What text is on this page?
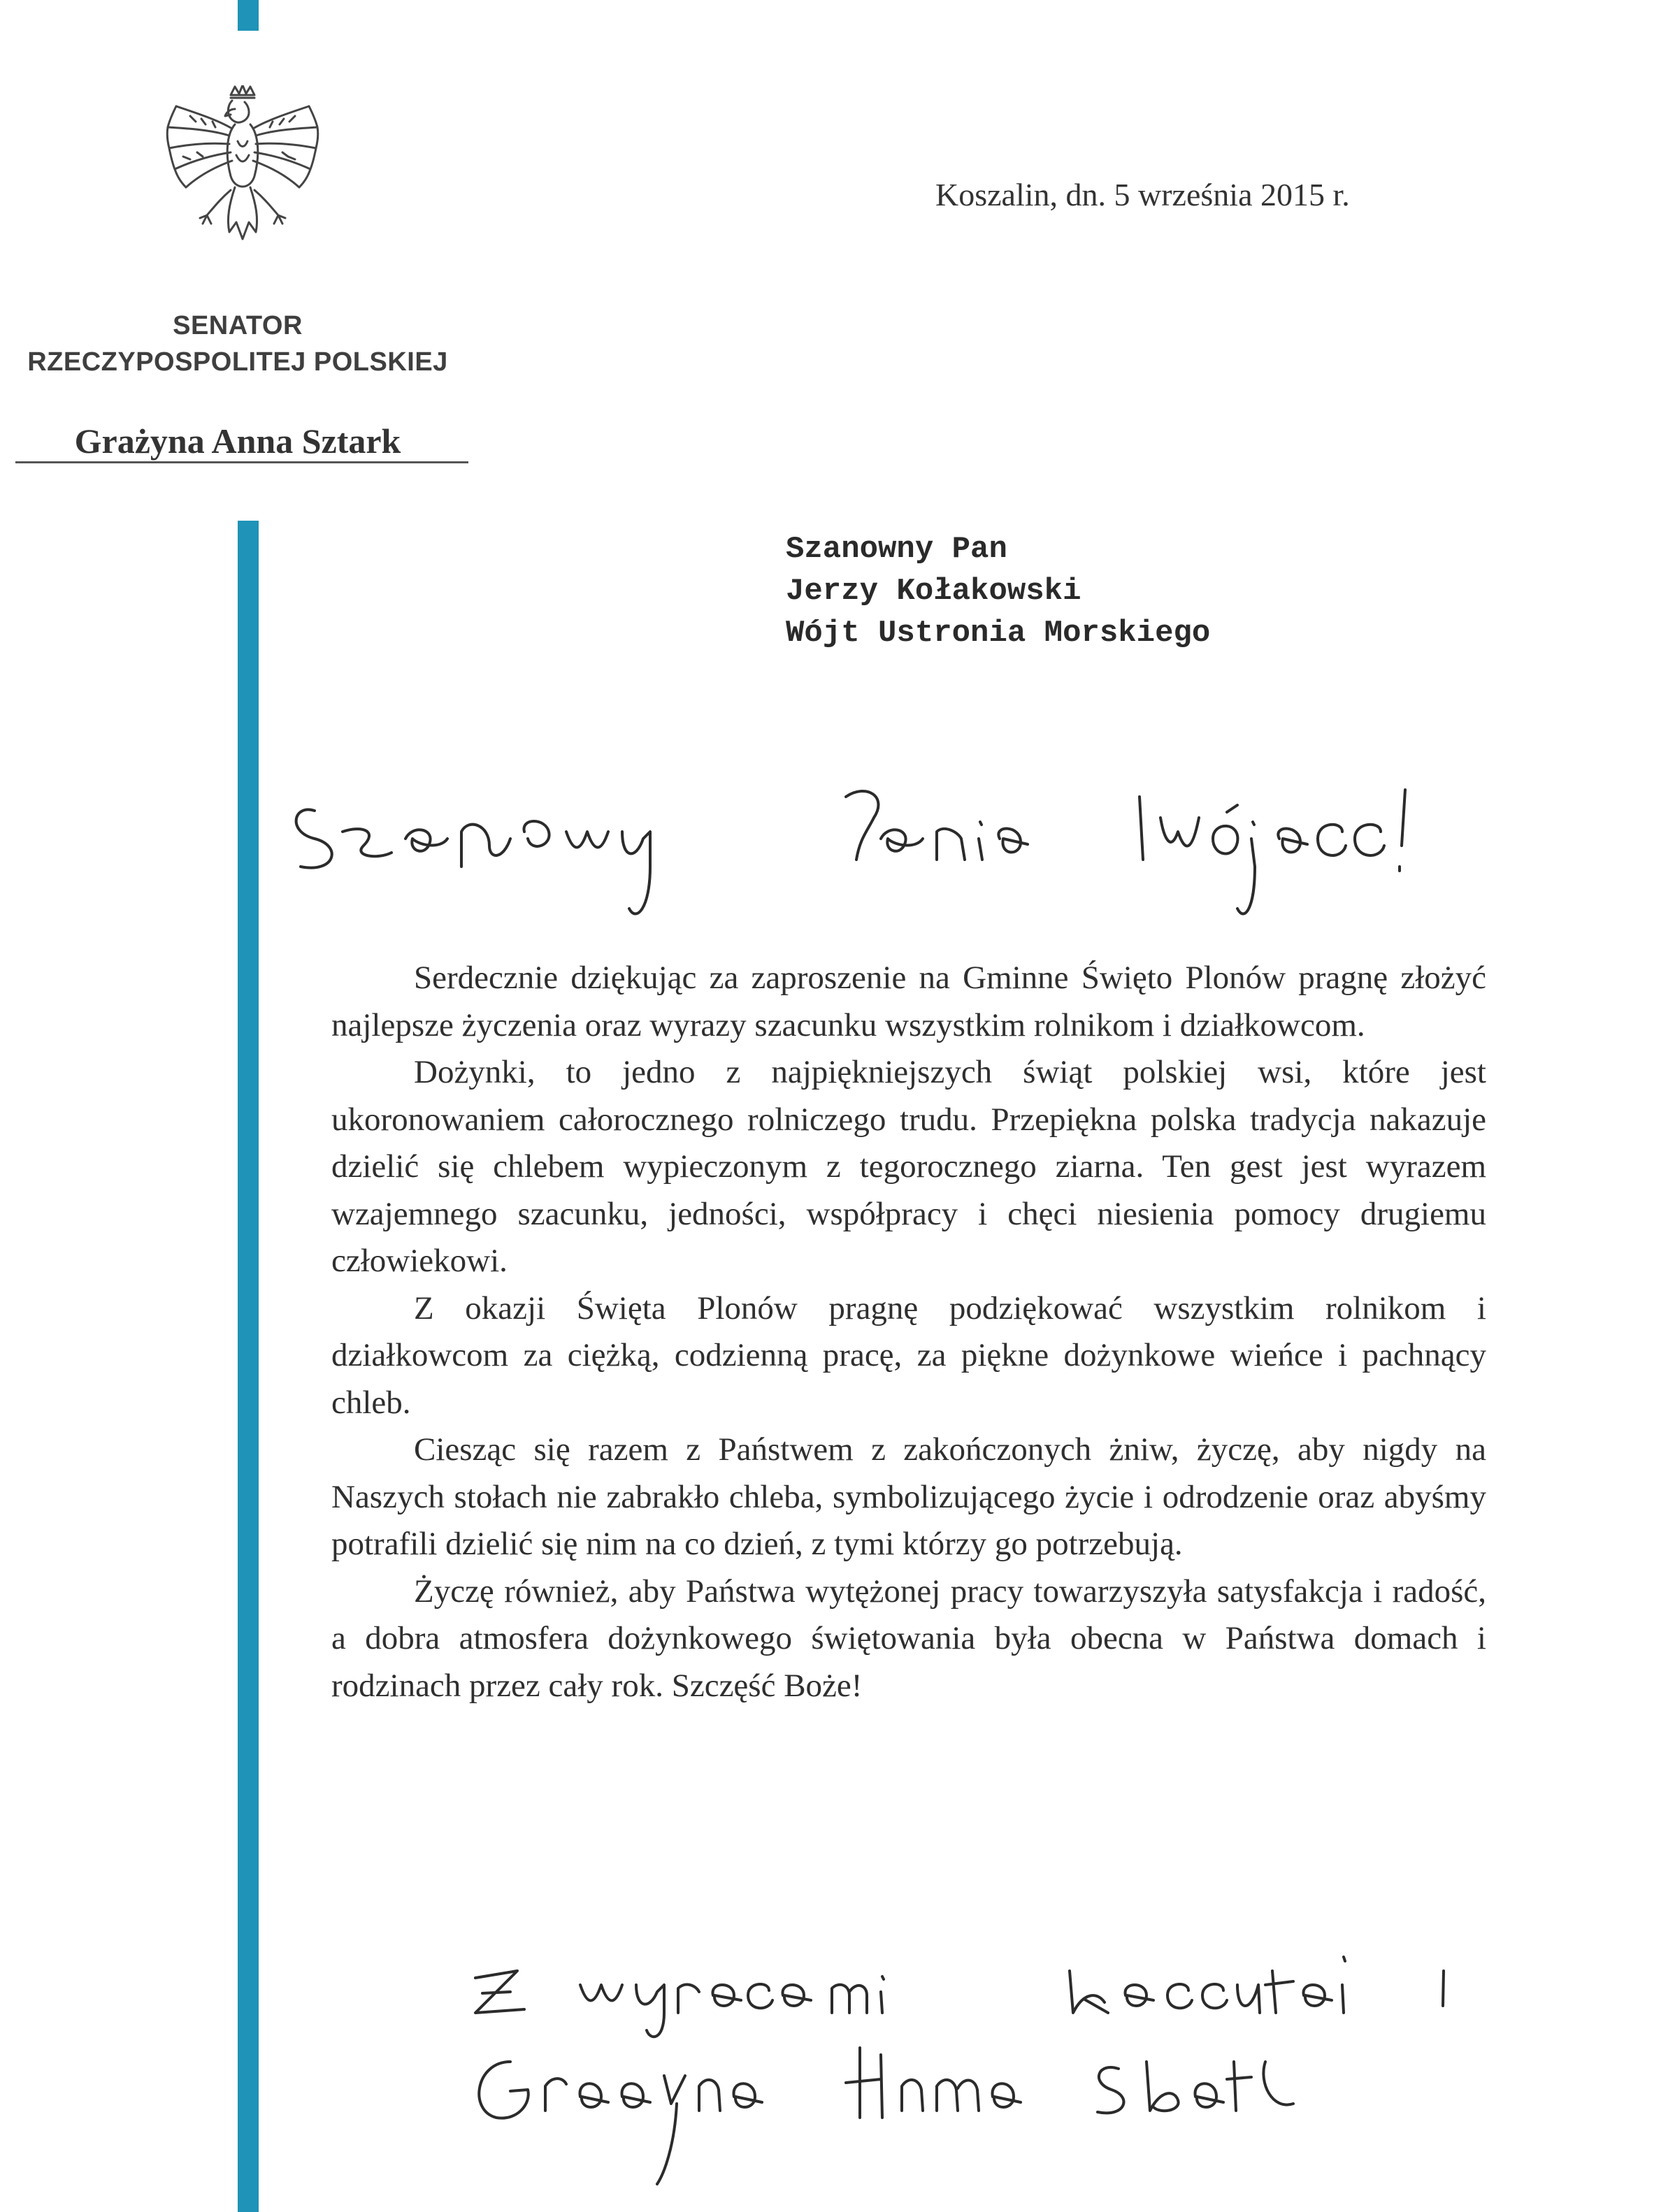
SENATOR
RZECZYPOSPOLITEJ POLSKIEJ
Grażyna Anna Sztark
Koszalin, dn. 5 września 2015 r.
Szanowny Pan
Jerzy Kołakowski
Wójt Ustronia Morskiego

Serdecznie dziękując za zaproszenie na Gminne Święto Plonów pragnę złożyć najlepsze życzenia oraz wyrazy szacunku wszystkim rolnikom i działkowcom.

Dożynki, to jedno z najpiękniejszych świąt polskiej wsi, które jest ukoronowaniem całorocznego rolniczego trudu. Przepiękna polska tradycja nakazuje dzielić się chlebem wypieczonym z tegorocznego ziarna. Ten gest jest wyrazem wzajemnego szacunku, jedności, współpracy i chęci niesienia pomocy drugiemu człowiekowi.

Z okazji Święta Plonów pragnę podziękować wszystkim rolnikom i działkowcom za ciężką, codzienną pracę, za piękne dożynkowe wieńce i pachnący chleb.

Ciesząc się razem z Państwem z zakończonych żniw, życzę, aby nigdy na Naszych stołach nie zabrakło chleba, symbolizującego życie i odrodzenie oraz abyśmy potrafili dzielić się nim na co dzień, z tymi którzy go potrzebują.

Życzę również, aby Państwa wytężonej pracy towarzyszyła satysfakcja i radość, a dobra atmosfera dożynkowego świętowania była obecna w Państwa domach i rodzinach przez cały rok. Szczęść Boże!
